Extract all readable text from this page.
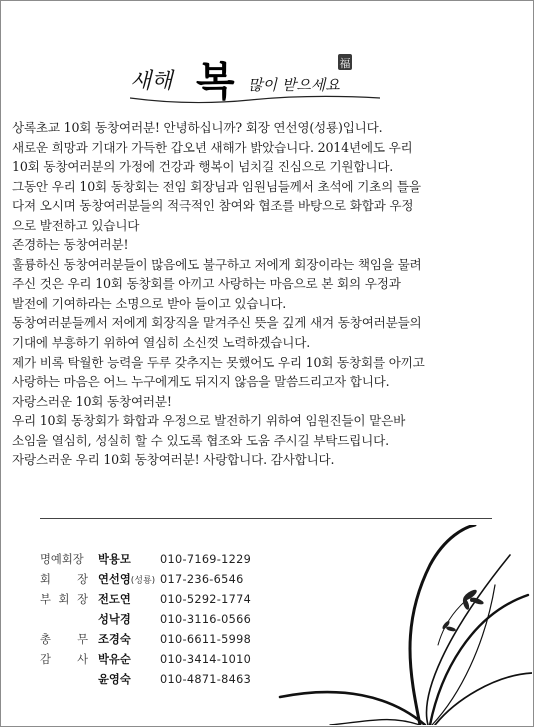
새해 복 많이 받으세요
福
상록초교 10회 동창여러분! 안녕하십니까? 회장 연선영(성룡)입니다.
새로운 희망과 기대가 가득한 갑오년 새해가 밝았습니다. 2014년에도 우리
10회 동창여러분의 가정에 건강과 행복이 넘치길 진심으로 기원합니다.
그동안 우리 10회 동창회는 전임 회장님과 임원님들께서 초석에 기초의 틀을
다져 오시며 동창여러분들의 적극적인 참여와 협조를 바탕으로 화합과 우정
으로 발전하고 있습니다
존경하는 동창여러분!
훌륭하신 동창여러분들이 많음에도 불구하고 저에게 회장이라는 책임을 물려
주신 것은 우리 10회 동창회를 아끼고 사랑하는 마음으로 본 회의 우정과
발전에 기여하라는 소명으로 받아 들이고 있습니다.
동창여러분들께서 저에게 회장직을 맡겨주신 뜻을 깊게 새겨 동창여러분들의
기대에 부흥하기 위하여 열심히 소신껏 노력하겠습니다.
제가 비록 탁월한 능력을 두루 갖추지는 못했어도 우리 10회 동창회를 아끼고
사랑하는 마음은 어느 누구에게도 뒤지지 않음을 말씀드리고자 합니다.
자랑스러운 10회 동창여러분!
우리 10회 동창회가 화합과 우정으로 발전하기 위하여 임원진들이 맡은바
소임을 열심히, 성실히 할 수 있도록 협조와 도움 주시길 부탁드립니다.
자랑스러운 우리 10회 동창여러분! 사랑합니다. 감사합니다.
명예회장 박용모	010-7169-1229
회 장 연선영(성룡) 017-236-6546
부 회 장 전도연	010-5292-1774
성낙경	010-3116-0566
총 무 조경숙	010-6611-5998
감 사 박유순	010-3414-1010
윤영숙	010-4871-8463
